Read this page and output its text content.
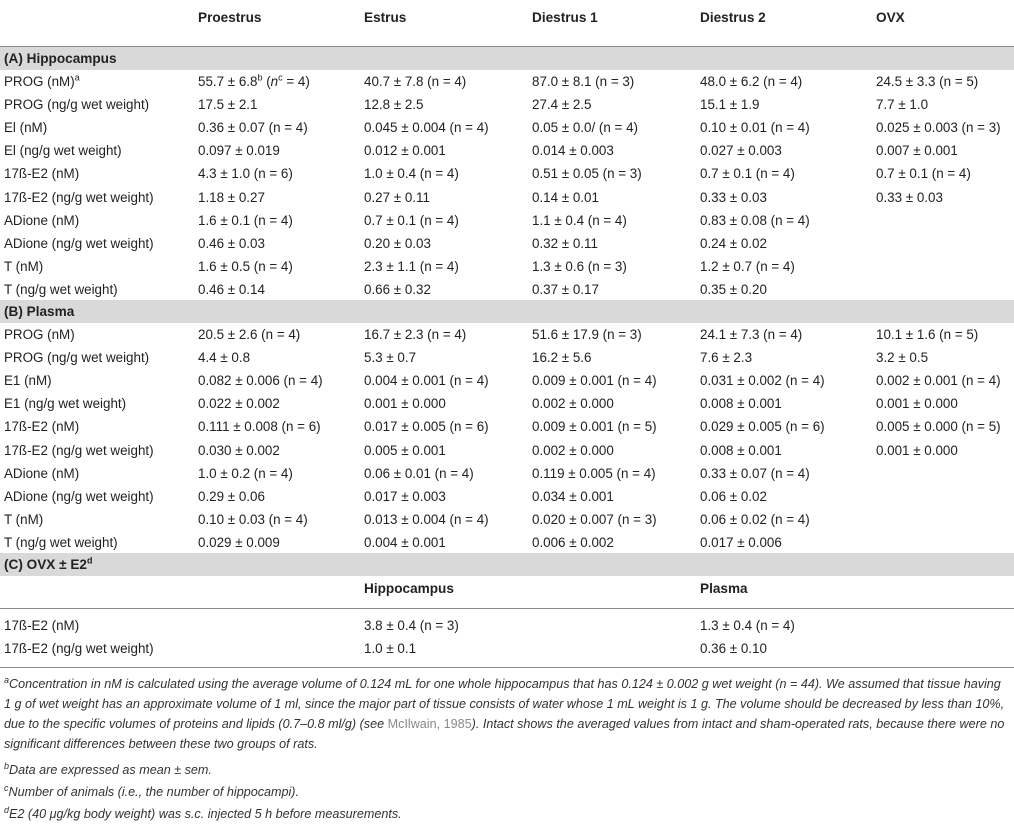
Proestrus	Estrus	Diestrus 1	Diestrus 2	OVX
(A) Hippocampus
PROG (nM)$^a$	55.7 ± 6.8$^b$ $(n^c = 4)$	40.7 ± 7.8 (n = 4)	87.0 ± 8.1 (n = 3)	48.0 ± 6.2 (n = 4)	24.5 ± 3.3 (n = 5)
PROG (ng/g wet weight)	17.5 ± 2.1	12.8 ± 2.5	27.4 ± 2.5	15.1 ± 1.9	7.7 ± 1.0
El (nM)	0.36 ± 0.07 (n = 4)	0.045 ± 0.004 (n = 4)	0.05 ± 0.0/ (n = 4)	0.10 ± 0.01 (n = 4)	0.025 ± 0.003 (n = 3)
El (ng/g wet weight)	0.097 ± 0.019	0.012 ± 0.001	0.014 ± 0.003	0.027 ± 0.003	0.007 ± 0.001
17ß-E2 (nM)	4.3 ± 1.0 (n = 6)	1.0 ± 0.4 (n = 4)	0.51 ± 0.05 (n = 3)	0.7 ± 0.1 (n = 4)	0.7 ± 0.1 (n = 4)
17ß-E2 (ng/g wet weight)	1.18 ± 0.27	0.27 ± 0.11	0.14 ± 0.01	0.33 ± 0.03	0.33 ± 0.03
ADione (nM)	1.6 ± 0.1 (n = 4)	0.7 ± 0.1 (n = 4)	1.1 ± 0.4 (n = 4)	0.83 ± 0.08 (n = 4)
ADione (ng/g wet weight)	0.46 ± 0.03	0.20 ± 0.03	0.32 ± 0.11	0.24 ± 0.02
T (nM)	1.6 ± 0.5 (n = 4)	2.3 ± 1.1 (n = 4)	1.3 ± 0.6 (n = 3)	1.2 ± 0.7 (n = 4)
T (ng/g wet weight)	0.46 ± 0.14	0.66 ± 0.32	0.37 ± 0.17	0.35 ± 0.20
(B) Plasma
PROG (nM)	20.5 ± 2.6 (n = 4)	16.7 ± 2.3 (n = 4)	51.6 ± 17.9 (n = 3)	24.1 ± 7.3 (n = 4)	10.1 ± 1.6 (n = 5)
PROG (ng/g wet weight)	4.4 ± 0.8	5.3 ± 0.7	16.2 ± 5.6	7.6 ± 2.3	3.2 ± 0.5
E1 (nM)	0.082 ± 0.006 (n = 4)	0.004 ± 0.001 (n = 4)	0.009 ± 0.001 (n = 4)	0.031 ± 0.002 (n = 4)	0.002 ± 0.001 (n = 4)
E1 (ng/g wet weight)	0.022 ± 0.002	0.001 ± 0.000	0.002 ± 0.000	0.008 ± 0.001	0.001 ± 0.000
17ß-E2 (nM)	0.111 ± 0.008 (n = 6)	0.017 ± 0.005 (n = 6)	0.009 ± 0.001 (n = 5)	0.029 ± 0.005 (n = 6)	0.005 ± 0.000 (n = 5)
17ß-E2 (ng/g wet weight)	0.030 ± 0.002	0.005 ± 0.001	0.002 ± 0.000	0.008 ± 0.001	0.001 ± 0.000
ADione (nM)	1.0 ± 0.2 (n = 4)	0.06 ± 0.01 (n = 4)	0.119 ± 0.005 (n = 4)	0.33 ± 0.07 (n = 4)
ADione (ng/g wet weight)	0.29 ± 0.06	0.017 ± 0.003	0.034 ± 0.001	0.06 ± 0.02
T (nM)	0.10 ± 0.03 (n = 4)	0.013 ± 0.004 (n = 4)	0.020 ± 0.007 (n = 3)	0.06 ± 0.02 (n = 4)
T (ng/g wet weight)	0.029 ± 0.009	0.004 ± 0.001	0.006 ± 0.002	0.017 ± 0.006
(C) OVX ± $E2^d$
Hippocampus	Plasma
17ß-E2 (nM)	3.8 ± 0.4 (n = 3)	1.3 ± 0.4 (n = 4)
17ß-E2 (ng/g wet weight)	1.0 ± 0.1	0.36 ± 0.10
$^a$Concentration in nM is calculated using the average volume of 0.124 mL for one whole hippocampus that has 0.124 ± 0.002 g wet weight (n = 44). We assumed that tissue having 1 g of wet weight has an approximate volume of 1 ml, since the major part of tissue consists of water whose 1 mL weight is 1 g. The volume should be decreased by less than 10%, due to the specific volumes of proteins and lipids (0.7–0.8 ml/g) (see McIlwain, 1985). Intact shows the averaged values from intact and sham-operated rats, because there were no significant differences between these two groups of rats.
$^b$Data are expressed as mean ± sem.
$^c$Number of animals (i.e., the number of hippocampi).
$^d$E2 (40 μg/kg body weight) was s.c. injected 5 h before measurements.
